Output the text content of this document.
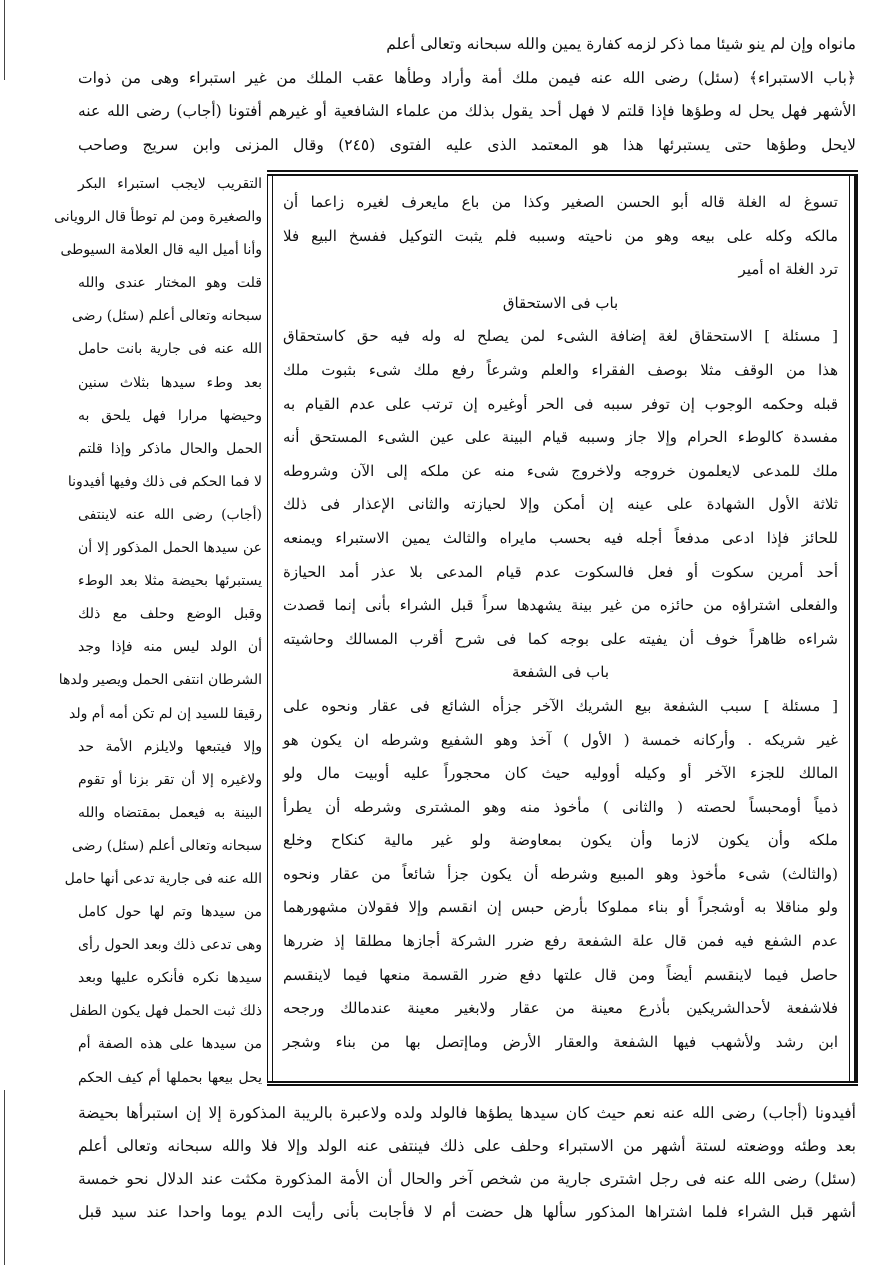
مانواه وإن لم ينو شيئا مما ذكر لزمه كفارة يمين والله سبحانه وتعالى أعلم
﴿باب الاستبراء﴾ (سئل) رضى الله عنه فيمن ملك أمة وأراد وطأها عقب الملك من غير استبراء وهى من ذوات
الأشهر فهل يحل له وطؤها فإذا قلتم لا فهل أحد يقول بذلك من علماء الشافعية أو غيرهم أفتونا (أجاب) رضى الله عنه
لايحل وطؤها حتى يستبرئها هذا هو المعتمد الذى عليه الفتوى (٢٤٥) وقال المزنى وابن سريج وصاحب
التقريب لايجب استبراء البكر
والصغيرة ومن لم توطأ قال الرويانى
وأنا أميل اليه قال العلامة السيوطى
قلت وهو المختار عندى والله
سبحانه وتعالى أعلم (سئل) رضى
الله عنه فى جارية بانت حامل
بعد وطء سيدها بثلاث سنين
وحيضها مرارا فهل يلحق به
الحمل والحال ماذكر وإذا قلتم
لا فما الحكم فى ذلك وفيها أفيدونا
(أجاب) رضى الله عنه لاينتفى
عن سيدها الحمل المذكور إلا أن
يستبرئها بحيضة مثلا بعد الوطء
وقبل الوضع وحلف مع ذلك
أن الولد ليس منه فإذا وجد
الشرطان انتفى الحمل ويصير ولدها
رقيقا للسيد إن لم تكن أمه أم ولد
وإلا فيتبعها ولايلزم الأمة حد
ولاغيره إلا أن تقر بزنا أو تقوم
البينة به فيعمل بمقتضاه والله
سبحانه وتعالى أعلم (سئل) رضى
الله عنه فى جارية تدعى أنها حامل
من سيدها وتم لها حول كامل
وهى تدعى ذلك وبعد الحول رأى
سيدها نكره فأنكره عليها وبعد
ذلك ثبت الحمل فهل يكون الطفل
من سيدها على هذه الصفة أم
يحل بيعها بحملها أم كيف الحكم
تسوغ له الغلة قاله أبو الحسن الصغير وكذا من باع مايعرف لغيره زاعما أن
مالكه وكله على بيعه وهو من ناحيته وسببه فلم يثبت التوكيل ففسخ البيع فلا
ترد الغلة اه أمير
باب فى الاستحقاق
[ مسئلة ] الاستحقاق لغة إضافة الشىء لمن يصلح له وله فيه حق كاستحقاق
هذا من الوقف مثلا بوصف الفقراء والعلم وشرعاً رفع ملك شىء بثبوت ملك
قبله وحكمه الوجوب إن توفر سببه فى الحر أوغيره إن ترتب على عدم القيام به
مفسدة كالوطء الحرام وإلا جاز وسببه قيام البينة على عين الشىء المستحق أنه
ملك للمدعى لايعلمون خروجه ولاخروج شىء منه عن ملكه إلى الآن وشروطه
ثلاثة الأول الشهادة على عينه إن أمكن وإلا لحيازته والثانى الإعذار فى ذلك
للحائز فإذا ادعى مدفعاً أجله فيه بحسب مايراه والثالث يمين الاستبراء ويمنعه
أحد أمرين سكوت أو فعل فالسكوت عدم قيام المدعى بلا عذر أمد الحيازة
والفعلى اشتراؤه من حائزه من غير بينة يشهدها سراً قبل الشراء بأنى إنما قصدت
شراءه ظاهراً خوف أن يفيته على بوجه كما فى شرح أقرب المسالك وحاشيته
باب فى الشفعة
[ مسئلة ] سبب الشفعة بيع الشريك الآخر جزأه الشائع فى عقار ونحوه على
غير شريكه . وأركانه خمسة ( الأول ) آخذ وهو الشفيع وشرطه ان يكون هو
المالك للجزء الآخر أو وكيله أووليه حيث كان محجوراً عليه أوبيت مال ولو
ذمياً أومحبساً لحصته ( والثانى ) مأخوذ منه وهو المشترى وشرطه أن يطرأ
ملكه وأن يكون لازما وأن يكون بمعاوضة ولو غير مالية كنكاح وخلع
(والثالث) شىء مأخوذ وهو المبيع وشرطه أن يكون جزأ شائعاً من عقار ونحوه
ولو مناقلا به أوشجراً أو بناء مملوكا بأرض حبس إن انقسم وإلا فقولان مشهورهما
عدم الشفع فيه فمن قال علة الشفعة رفع ضرر الشركة أجازها مطلقا إذ ضررها
حاصل فيما لاينقسم أيضاً ومن قال علتها دفع ضرر القسمة منعها فيما لاينقسم
فلاشفعة لأحدالشريكين بأذرع معينة من عقار ولابغير معينة عندمالك ورجحه
ابن رشد ولأشهب فيها الشفعة والعقار الأرض وماإتصل بها من بناء وشجر
أفيدونا (أجاب) رضى الله عنه نعم حيث كان سيدها يطؤها فالولد ولده ولاعبرة بالريبة المذكورة إلا إن استبرأها بحيضة
بعد وطئه ووضعته لستة أشهر من الاستبراء وحلف على ذلك فينتفى عنه الولد وإلا فلا والله سبحانه وتعالى أعلم
(سئل) رضى الله عنه فى رجل اشترى جارية من شخص آخر والحال أن الأمة المذكورة مكثت عند الدلال نحو خمسة
أشهر قبل الشراء فلما اشتراها المذكور سألها هل حضت أم لا فأجابت بأنى رأيت الدم يوما واحدا عند سيد قبل
